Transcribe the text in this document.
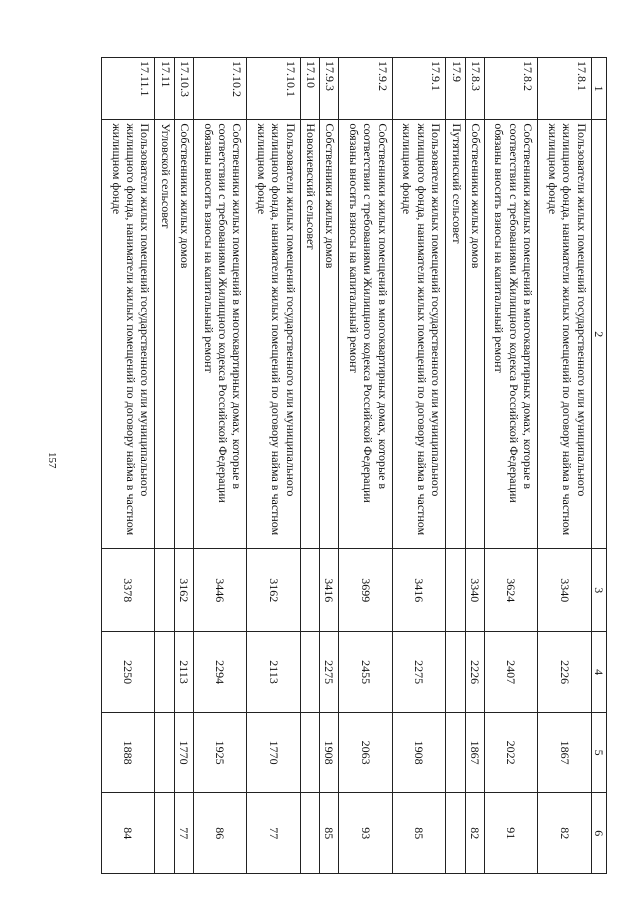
157
1	2	3	4	5	6
17.8.1	Пользователи жилых помещений государственного или муниципального жилищного фонда, наниматели жилых помещений по договору найма в частном жилищном фонде	3340	2226	1867	82
17.8.2	Собственники жилых помещений в многоквартирных домах, которые в соответствии с требованиями Жилищного кодекса Российской Федерации обязаны вносить взносы на капитальный ремонт	3624	2407	2022	91
17.8.3	Собственники жилых домов	3340	2226	1867	82
17.9	Путятинский сельсовет				
17.9.1	Пользователи жилых помещений государственного или муниципального жилищного фонда, наниматели жилых помещений по договору найма в частном жилищном фонде	3416	2275	1908	85
17.9.2	Собственники жилых помещений в многоквартирных домах, которые в соответствии с требованиями Жилищного кодекса Российской Федерации обязаны вносить взносы на капитальный ремонт	3699	2455	2063	93
17.9.3	Собственники жилых домов	3416	2275	1908	85
17.10	Новокиевский сельсовет				
17.10.1	Пользователи жилых помещений государственного или муниципального жилищного фонда, наниматели жилых помещений по договору найма в частном жилищном фонде	3162	2113	1770	77
17.10.2	Собственники жилых помещений в многоквартирных домах, которые в соответствии с требованиями Жилищного кодекса Российской Федерации обязаны вносить взносы на капитальный ремонт	3446	2294	1925	86
17.10.3	Собственники жилых домов	3162	2113	1770	77
17.11	Угловской сельсовет				
17.11.1	Пользователи жилых помещений государственного или муниципального жилищного фонда, наниматели жилых помещений по договору найма в частном жилищном фонде	3378	2250	1888	84
